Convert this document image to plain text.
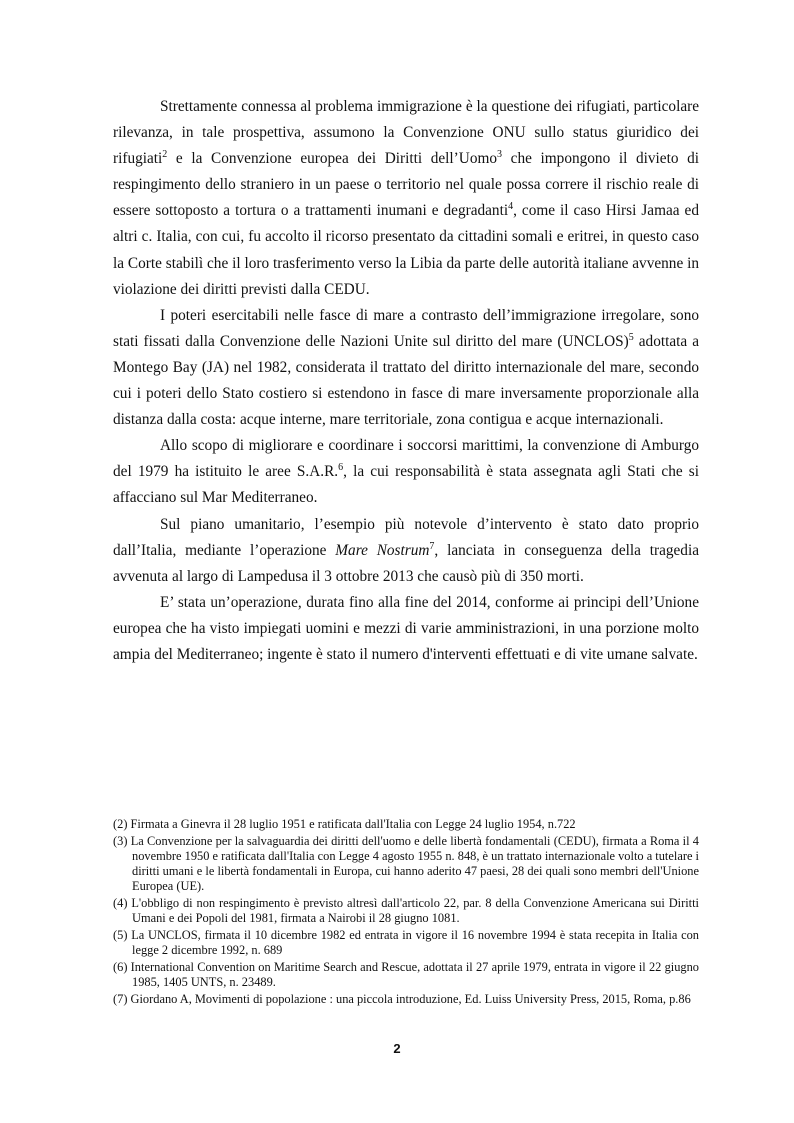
Strettamente connessa al problema immigrazione è la questione dei rifugiati, particolare rilevanza, in tale prospettiva, assumono la Convenzione ONU sullo status giuridico dei rifugiati$^2$ e la Convenzione europea dei Diritti dell’Uomo$^3$ che impongono il divieto di respingimento dello straniero in un paese o territorio nel quale possa correre il rischio reale di essere sottoposto a tortura o a trattamenti inumani e degradanti$^4$, come il caso Hirsi Jamaa ed altri c. Italia, con cui, fu accolto il ricorso presentato da cittadini somali e eritrei, in questo caso la Corte stabilì che il loro trasferimento verso la Libia da parte delle autorità italiane avvenne in violazione dei diritti previsti dalla CEDU.

I poteri esercitabili nelle fasce di mare a contrasto dell’immigrazione irregolare, sono stati fissati dalla Convenzione delle Nazioni Unite sul diritto del mare (UNCLOS)$^5$ adottata a Montego Bay (JA) nel 1982, considerata il trattato del diritto internazionale del mare, secondo cui i poteri dello Stato costiero si estendono in fasce di mare inversamente proporzionale alla distanza dalla costa: acque interne, mare territoriale, zona contigua e acque internazionali.

Allo scopo di migliorare e coordinare i soccorsi marittimi, la convenzione di Amburgo del 1979 ha istituito le aree S.A.R.$^6$, la cui responsabilità è stata assegnata agli Stati che si affacciano sul Mar Mediterraneo.

Sul piano umanitario, l’esempio più notevole d’intervento è stato dato proprio dall’Italia, mediante l’operazione Mare Nostrum$^7$, lanciata in conseguenza della tragedia avvenuta al largo di Lampedusa il 3 ottobre 2013 che causò più di 350 morti.

E’ stata un’operazione, durata fino alla fine del 2014, conforme ai principi dell’Unione europea che ha visto impiegati uomini e mezzi di varie amministrazioni, in una porzione molto ampia del Mediterraneo; ingente è stato il numero d'interventi effettuati e di vite umane salvate.

(2) Firmata a Ginevra il 28 luglio 1951 e ratificata dall'Italia con Legge 24 luglio 1954, n.722

(3) La Convenzione per la salvaguardia dei diritti dell'uomo e delle libertà fondamentali (CEDU), firmata a Roma il 4 novembre 1950 e ratificata dall'Italia con Legge 4 agosto 1955 n. 848, è un trattato internazionale volto a tutelare i diritti umani e le libertà fondamentali in Europa, cui hanno aderito 47 paesi, 28 dei quali sono membri dell'Unione Europea (UE).

(4) L'obbligo di non respingimento è previsto altresì dall'articolo 22, par. 8 della Convenzione Americana sui Diritti Umani e dei Popoli del 1981, firmata a Nairobi il 28 giugno 1081.

(5) La UNCLOS, firmata il 10 dicembre 1982 ed entrata in vigore il 16 novembre 1994 è stata recepita in Italia con legge 2 dicembre 1992, n. 689

(6) International Convention on Maritime Search and Rescue, adottata il 27 aprile 1979, entrata in vigore il 22 giugno 1985, 1405 UNTS, n. 23489.

(7) Giordano A, Movimenti di popolazione : una piccola introduzione, Ed. Luiss University Press, 2015, Roma, p.86

2
